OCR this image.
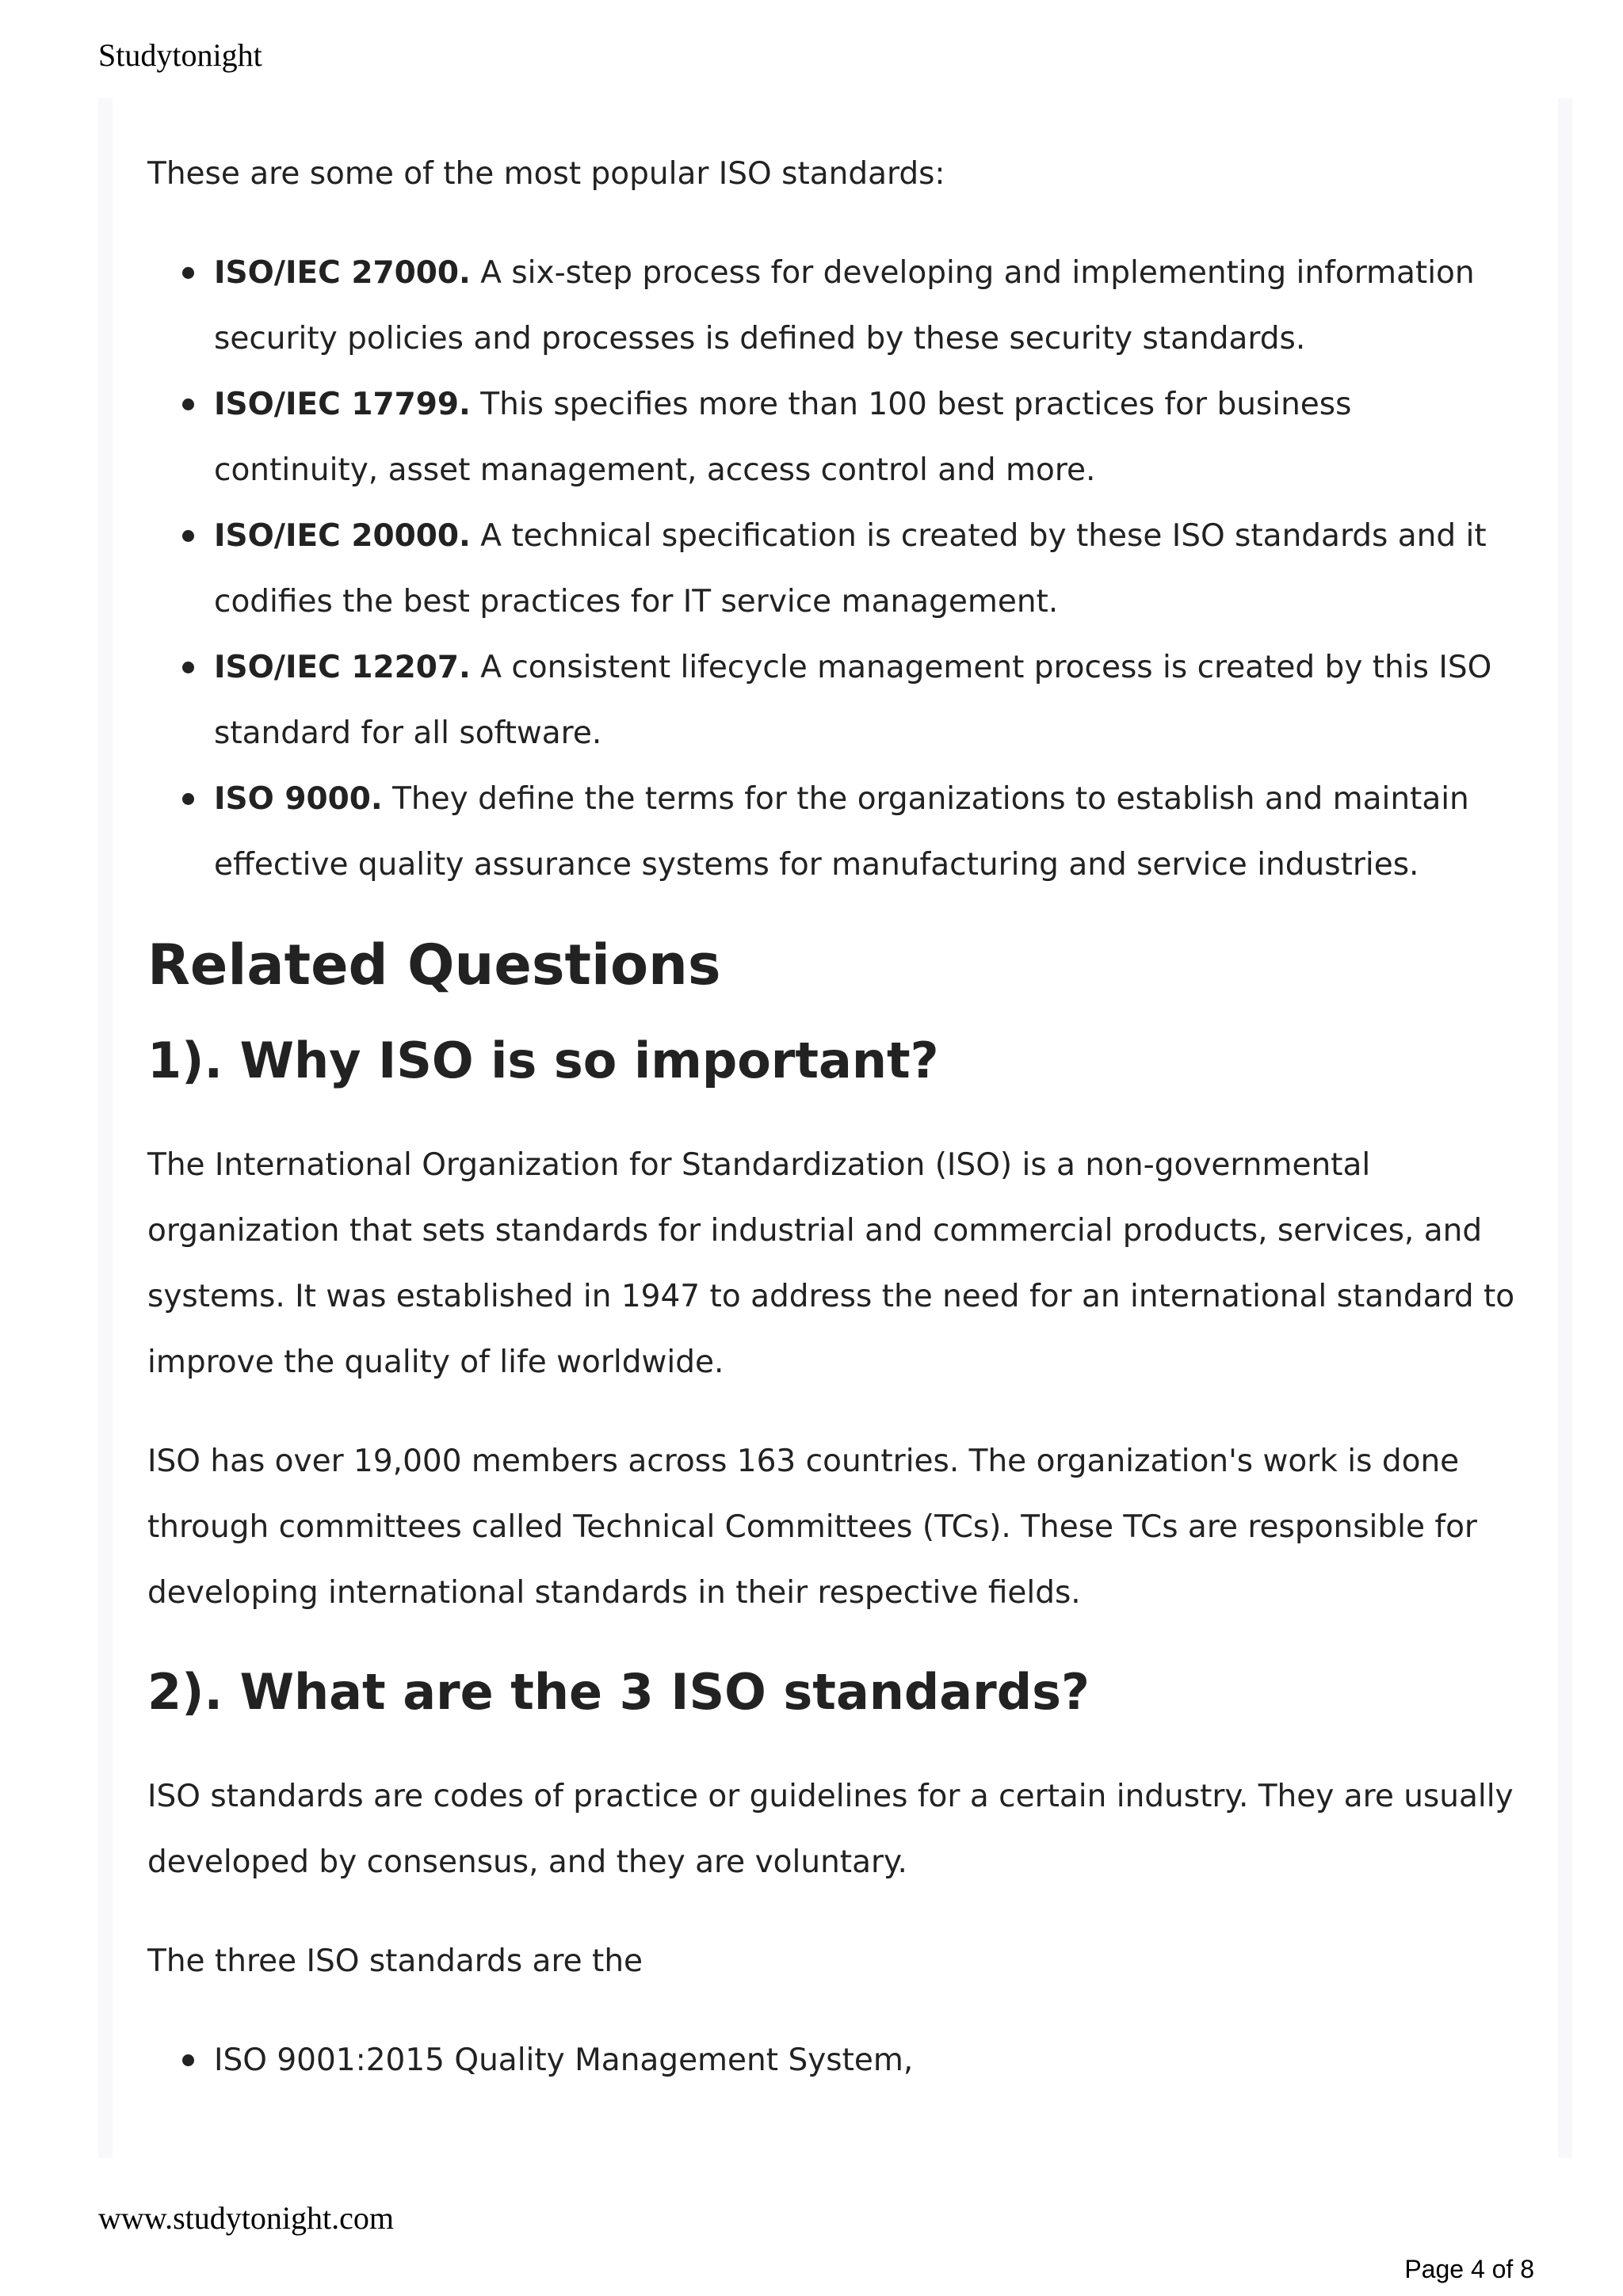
Studytonight

These are some of the most popular ISO standards:

ISO/IEC 27000. A six-step process for developing and implementing information security policies and processes is defined by these security standards.
ISO/IEC 17799. This specifies more than 100 best practices for business continuity, asset management, access control and more.
ISO/IEC 20000. A technical specification is created by these ISO standards and it codifies the best practices for IT service management.
ISO/IEC 12207. A consistent lifecycle management process is created by this ISO standard for all software.
ISO 9000. They define the terms for the organizations to establish and maintain effective quality assurance systems for manufacturing and service industries.
Related Questions
1). Why ISO is so important?

The International Organization for Standardization (ISO) is a non-governmental organization that sets standards for industrial and commercial products, services, and systems. It was established in 1947 to address the need for an international standard to improve the quality of life worldwide.

ISO has over 19,000 members across 163 countries. The organization's work is done through committees called Technical Committees (TCs). These TCs are responsible for developing international standards in their respective fields.

2). What are the 3 ISO standards?

ISO standards are codes of practice or guidelines for a certain industry. They are usually developed by consensus, and they are voluntary.

The three ISO standards are the

ISO 9001:2015 Quality Management System,
www.studytonight.com
Page 4 of 8
